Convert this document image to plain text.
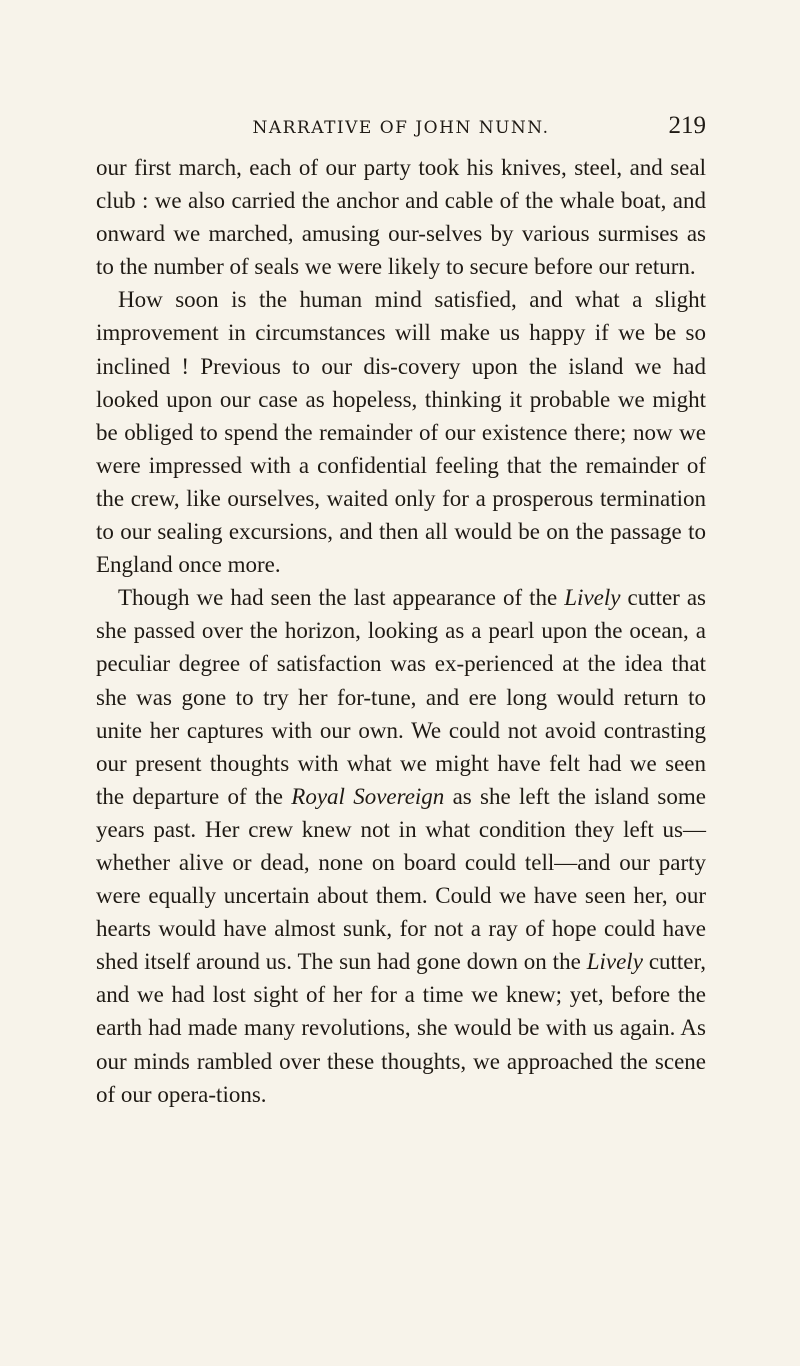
NARRATIVE OF JOHN NUNN.	219

our first march, each of our party took his knives, steel, and seal club : we also carried the anchor and cable of the whale boat, and onward we marched, amusing our-selves by various surmises as to the number of seals we were likely to secure before our return.

How soon is the human mind satisfied, and what a slight improvement in circumstances will make us happy if we be so inclined ! Previous to our dis-covery upon the island we had looked upon our case as hopeless, thinking it probable we might be obliged to spend the remainder of our existence there; now we were impressed with a confidential feeling that the remainder of the crew, like ourselves, waited only for a prosperous termination to our sealing excursions, and then all would be on the passage to England once more.

Though we had seen the last appearance of the Lively cutter as she passed over the horizon, looking as a pearl upon the ocean, a peculiar degree of satisfaction was ex-perienced at the idea that she was gone to try her for-tune, and ere long would return to unite her captures with our own. We could not avoid contrasting our present thoughts with what we might have felt had we seen the departure of the Royal Sovereign as she left the island some years past. Her crew knew not in what condition they left us—whether alive or dead, none on board could tell—and our party were equally uncertain about them. Could we have seen her, our hearts would have almost sunk, for not a ray of hope could have shed itself around us. The sun had gone down on the Lively cutter, and we had lost sight of her for a time we knew; yet, before the earth had made many revolutions, she would be with us again. As our minds rambled over these thoughts, we approached the scene of our opera-tions.
